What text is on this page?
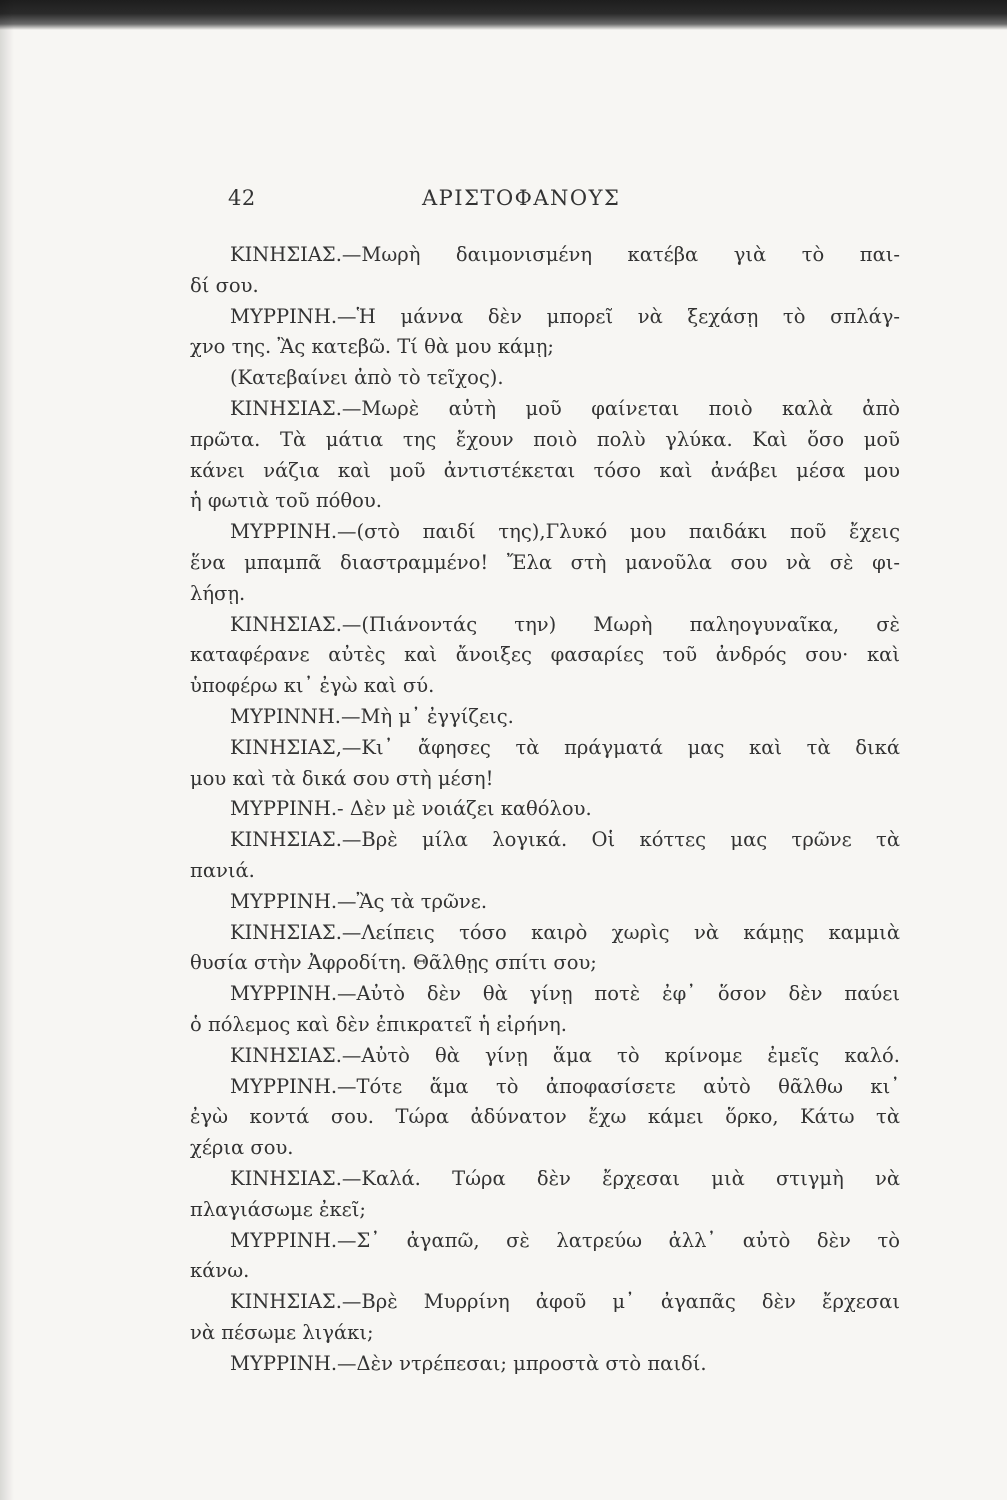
42	ΑΡΙΣΤΟΦΑΝΟΥΣ
ΚΙΝΗΣΙΑΣ.—Μωρὴ δαιμονισμένη κατέβα γιὰ τὸ παι-
δί σου.
ΜΥΡΡΙΝΗ.—Ἡ μάννα δὲν μπορεῖ νὰ ξεχάσῃ τὸ σπλάγ-
χνο της. Ἂς κατεβῶ. Τί θὰ μου κάμῃ;
(Κατεβαίνει ἀπὸ τὸ τεῖχος).
ΚΙΝΗΣΙΑΣ.—Μωρὲ αὐτὴ μοῦ φαίνεται ποιὸ καλὰ ἀπὸ
πρῶτα. Τὰ μάτια της ἔχουν ποιὸ πολὺ γλύκα. Καὶ ὅσο μοῦ
κάνει νάζια καὶ μοῦ ἀντιστέκεται τόσο καὶ ἀνάβει μέσα μου
ἡ φωτιὰ τοῦ πόθου.
ΜΥΡΡΙΝΗ.—(στὸ παιδί της),Γλυκό μου παιδάκι ποῦ ἔχεις
ἕνα μπαμπᾶ διαστραμμένο! Ἔλα στὴ μανοῦλα σου νὰ σὲ φι-
λήσῃ.
ΚΙΝΗΣΙΑΣ.—(Πιάνοντάς την) Μωρὴ παληογυναῖκα, σὲ
καταφέρανε αὐτὲς καὶ ἄνοιξες φασαρίες τοῦ ἀνδρός σου· καὶ
ὑποφέρω κι᾽ ἐγὼ καὶ σύ.
ΜΥΡΙΝΝΗ.—Μὴ μ᾽ ἐγγίζεις.
ΚΙΝΗΣΙΑΣ,—Κι᾽ ἄφησες τὰ πράγματά μας καὶ τὰ δικά
μου καὶ τὰ δικά σου στὴ μέση!
ΜΥΡΡΙΝΗ.- Δὲν μὲ νοιάζει καθόλου.
ΚΙΝΗΣΙΑΣ.—Βρὲ μίλα λογικά. Οἱ κόττες μας τρῶνε τὰ
πανιά.
ΜΥΡΡΙΝΗ.—Ἂς τὰ τρῶνε.
ΚΙΝΗΣΙΑΣ.—Λείπεις τόσο καιρὸ χωρὶς νὰ κάμῃς καμμιὰ
θυσία στὴν Ἀφροδίτη. Θᾶλθῃς σπίτι σου;
ΜΥΡΡΙΝΗ.—Αὐτὸ δὲν θὰ γίνῃ ποτὲ ἐφ᾽ ὅσον δὲν παύει
ὁ πόλεμος καὶ δὲν ἐπικρατεῖ ἡ εἰρήνη.
ΚΙΝΗΣΙΑΣ.—Αὐτὸ θὰ γίνῃ ἅμα τὸ κρίνομε ἐμεῖς καλό.
ΜΥΡΡΙΝΗ.—Τότε ἅμα τὸ ἀποφασίσετε αὐτὸ θᾶλθω κι᾽
ἐγὼ κοντά σου. Τώρα ἀδύνατον ἔχω κάμει ὅρκο, Κάτω τὰ
χέρια σου.
ΚΙΝΗΣΙΑΣ.—Καλά. Τώρα δὲν ἔρχεσαι μιὰ στιγμὴ νὰ
πλαγιάσωμε ἐκεῖ;
ΜΥΡΡΙΝΗ.—Σ᾽ ἀγαπῶ, σὲ λατρεύω ἀλλ᾽ αὐτὸ δὲν τὸ
κάνω.
ΚΙΝΗΣΙΑΣ.—Βρὲ Μυρρίνη ἀφοῦ μ᾽ ἀγαπᾶς δὲν ἔρχεσαι
νὰ πέσωμε λιγάκι;
ΜΥΡΡΙΝΗ.—Δὲν ντρέπεσαι; μπροστὰ στὸ παιδί.
